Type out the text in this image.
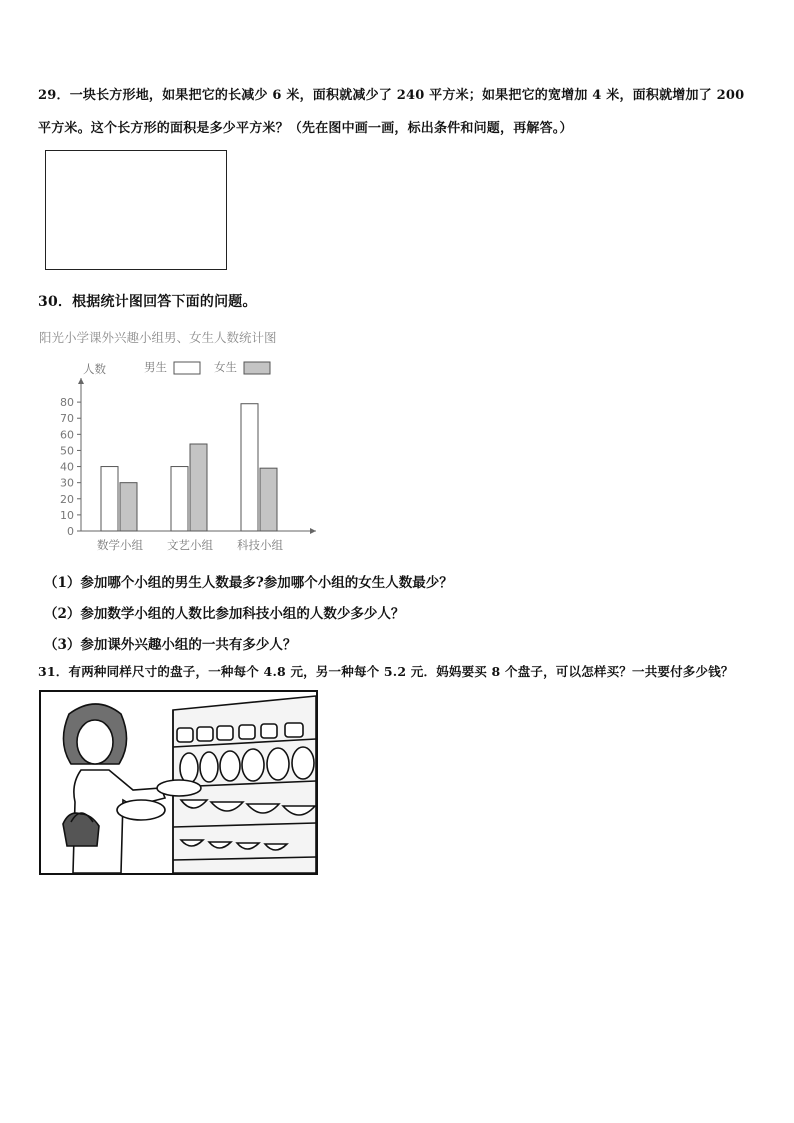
29．一块长方形地，如果把它的长减少 6 米，面积就减少了 240 平方米；如果把它的宽增加 4 米，面积就增加了 200
平方米。这个长方形的面积是多少平方米？（先在图中画一画，标出条件和问题，再解答。）
30．根据统计图回答下面的问题。
阳光小学课外兴趣小组男、女生人数统计图
人数	男生	女生
0
10
20
30
40
50
60
70
80
数学小组 文艺小组 科技小组
（1）参加哪个小组的男生人数最多?参加哪个小组的女生人数最少？
（2）参加数学小组的人数比参加科技小组的人数少多少人？
（3）参加课外兴趣小组的一共有多少人？
31．有两种同样尺寸的盘子，一种每个 4.8 元，另一种每个 5.2 元．妈妈要买 8 个盘子，可以怎样买？一共要付多少钱？
